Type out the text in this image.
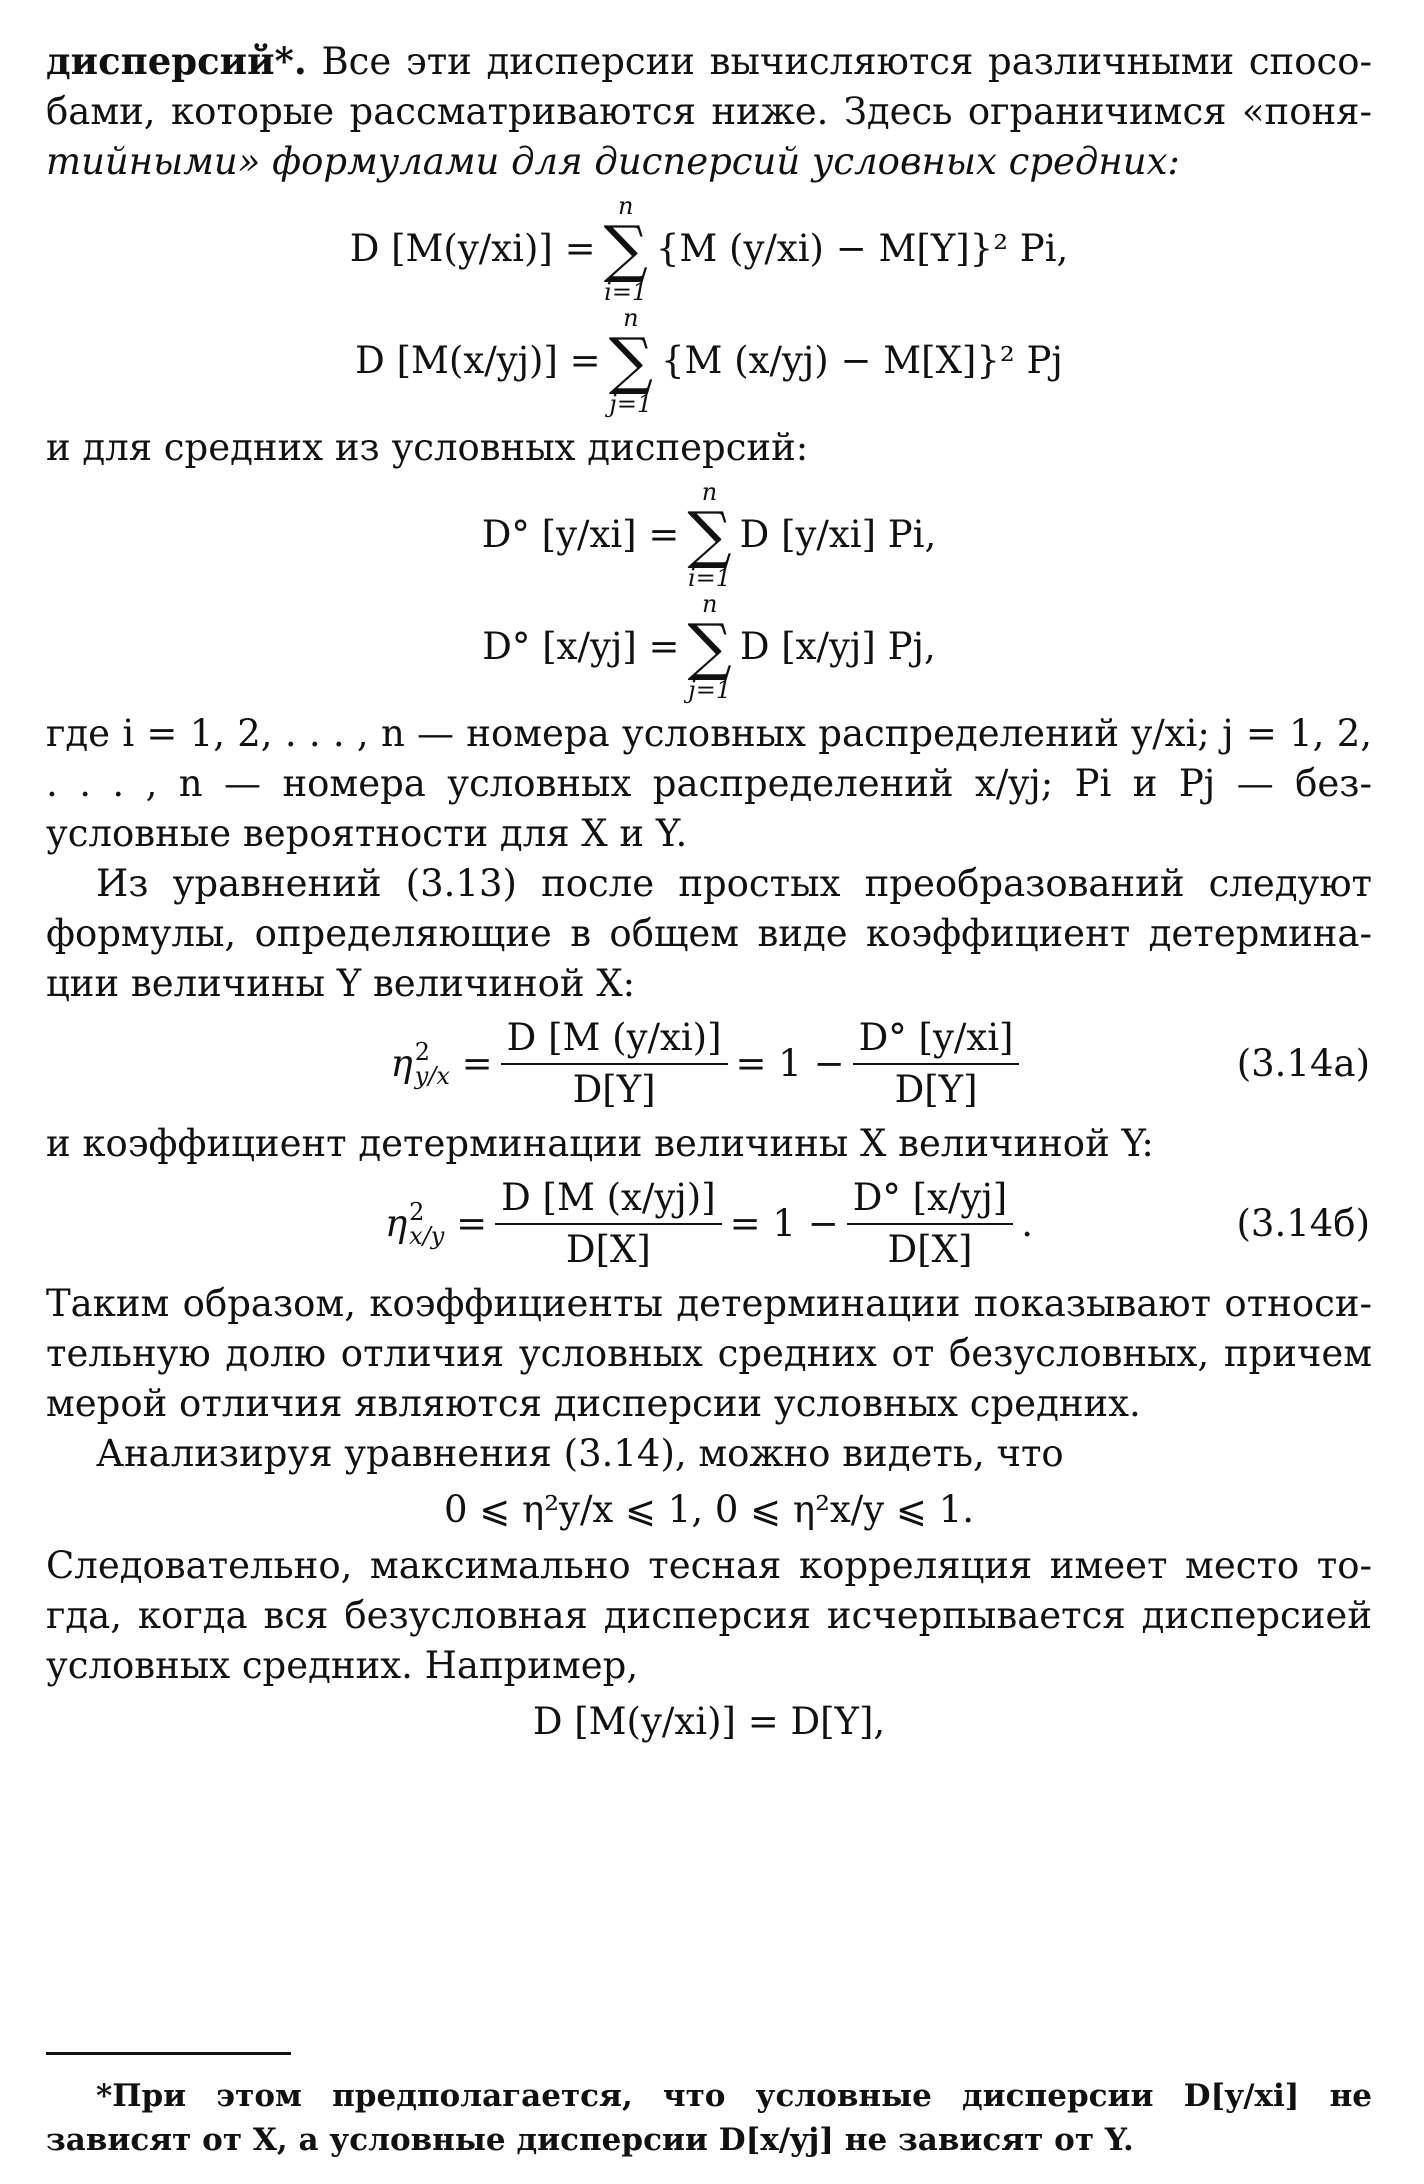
дисперсий*. Все эти дисперсии вычисляются различными спосо-бами, которые рассматриваются ниже. Здесь ограничимся «поня- тийными» формулами для дисперсий условных средних:

D [M(y/xi)] =
n
∑
i=1
{M (y/xi) − M[Y]}² Pi,
D [M(x/yj)] =
n
∑
j=1
{M (x/yj) − M[X]}² Pj

и для средних из условных дисперсий:

D° [y/xi] =
n
∑
i=1
D [y/xi] Pi,
D° [x/yj] =
n
∑
j=1
D [x/yj] Pj,

где i = 1, 2, . . . , n — номера условных распределений y/xi; j = 1, 2, . . . , n — номера условных распределений x/yj; Pi и Pj — без-условные вероятности для X и Y.

Из уравнений (3.13) после простых преобразований следуют формулы, определяющие в общем виде коэффициент детермина-ции величины Y величиной X:

η 2
$y/x = \frac{D [M (y/xi)]}{D[Y]} = 1 - \frac{D^\circ [y/xi]}{D[Y]}$	(3.14а)

и коэффициент детерминации величины X величиной Y:

η 2
$x/y = \frac{D [M (x/yj)]}{D[X]} = 1 - \frac{D^\circ [x/yj]}{D[X]}$ .	(3.14б)

Таким образом, коэффициенты детерминации показывают относи-тельную долю отличия условных средних от безусловных, причем мерой отличия являются дисперсии условных средних.

Анализируя уравнения (3.14), можно видеть, что

0 ⩽ η²y/x ⩽ 1, 0 ⩽ η²x/y ⩽ 1.

Следовательно, максимально тесная корреляция имеет место то-гда, когда вся безусловная дисперсия исчерпывается дисперсией условных средних. Например,

D [M(y/xi)] = D[Y],
*При этом предполагается, что условные дисперсии D[y/xi] не зависят от X, а условные дисперсии D[x/yj] не зависят от Y.
